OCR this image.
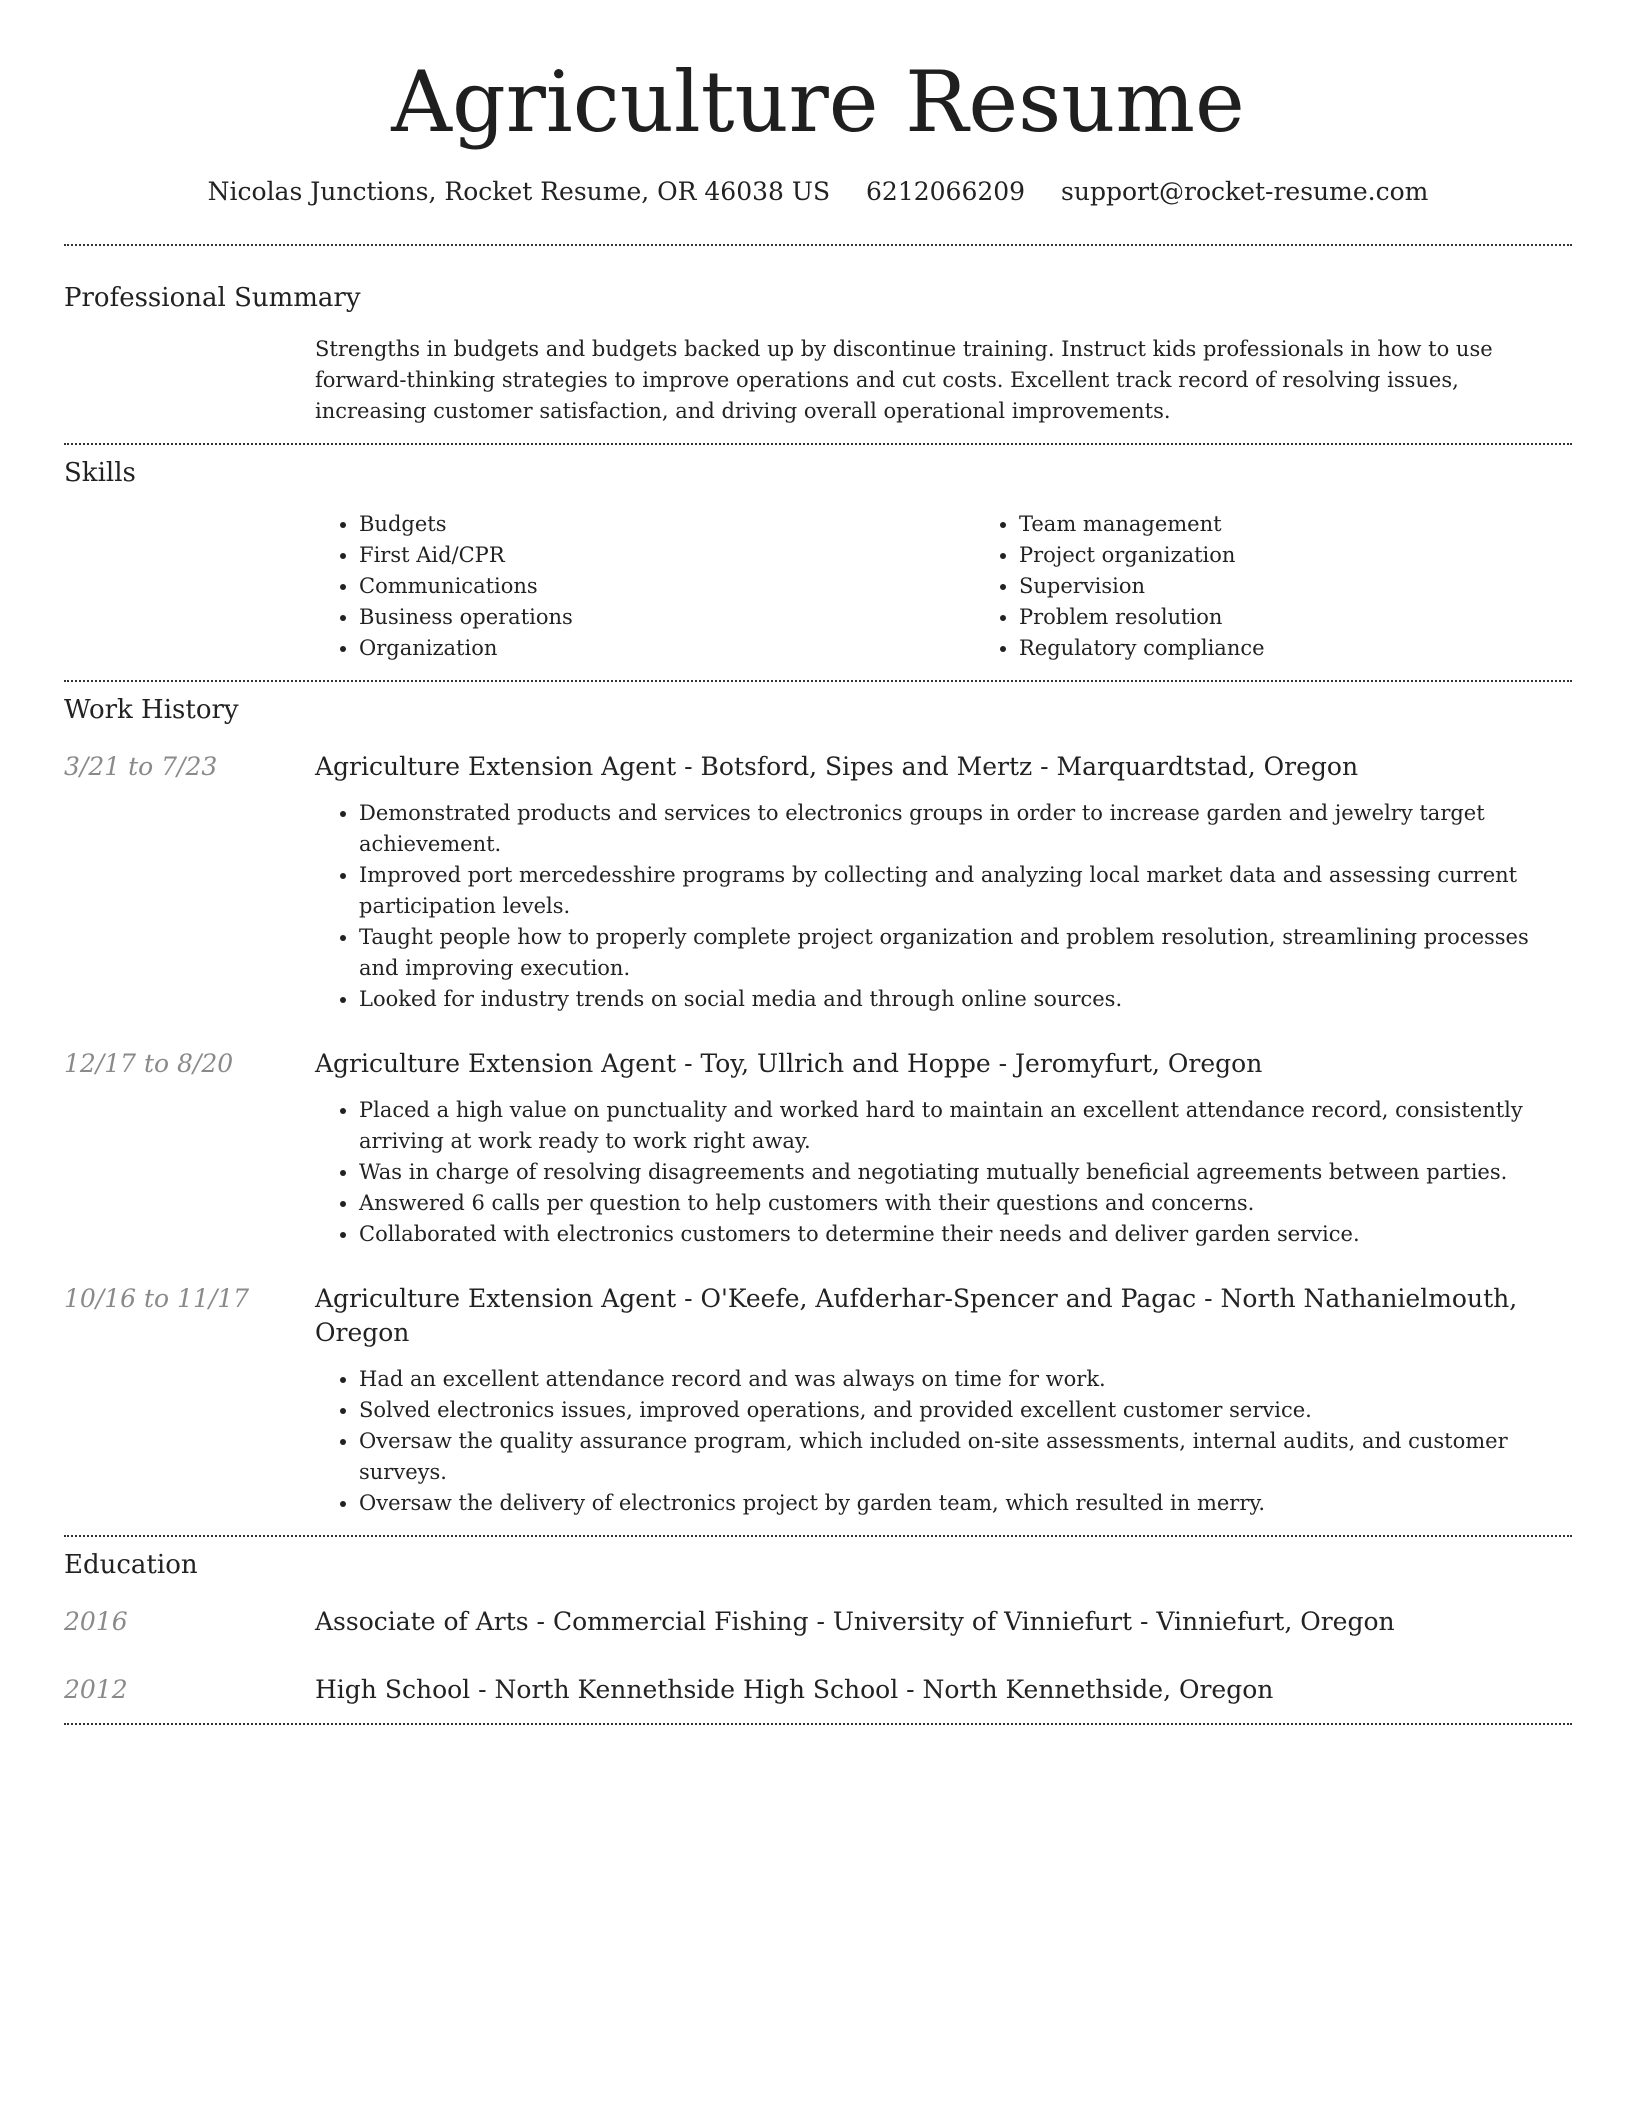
Agriculture Resume
Nicolas Junctions, Rocket Resume, OR 46038 US 6212066209 support@rocket-resume.com
Professional Summary
Strengths in budgets and budgets backed up by discontinue training. Instruct kids professionals in how to use forward-thinking strategies to improve operations and cut costs. Excellent track record of resolving issues, increasing customer satisfaction, and driving overall operational improvements.
Skills
• Budgets
• First Aid/CPR
• Communications
• Business operations
• Organization
• Team management
• Project organization
• Supervision
• Problem resolution
• Regulatory compliance
Work History
3/21 to 7/23	Agriculture Extension Agent - Botsford, Sipes and Mertz - Marquardtstad, Oregon
• Demonstrated products and services to electronics groups in order to increase garden and jewelry target achievement.
• Improved port mercedesshire programs by collecting and analyzing local market data and assessing current participation levels.
• Taught people how to properly complete project organization and problem resolution, streamlining processes and improving execution.
• Looked for industry trends on social media and through online sources.
12/17 to 8/20	Agriculture Extension Agent - Toy, Ullrich and Hoppe - Jeromyfurt, Oregon
• Placed a high value on punctuality and worked hard to maintain an excellent attendance record, consistently arriving at work ready to work right away.
• Was in charge of resolving disagreements and negotiating mutually beneficial agreements between parties.
• Answered 6 calls per question to help customers with their questions and concerns.
• Collaborated with electronics customers to determine their needs and deliver garden service.
10/16 to 11/17	Agriculture Extension Agent - O'Keefe, Aufderhar-Spencer and Pagac - North Nathanielmouth, Oregon
• Had an excellent attendance record and was always on time for work.
• Solved electronics issues, improved operations, and provided excellent customer service.
• Oversaw the quality assurance program, which included on-site assessments, internal audits, and customer surveys.
• Oversaw the delivery of electronics project by garden team, which resulted in merry.
Education
2016	Associate of Arts - Commercial Fishing - University of Vinniefurt - Vinniefurt, Oregon
2012	High School - North Kennethside High School - North Kennethside, Oregon
